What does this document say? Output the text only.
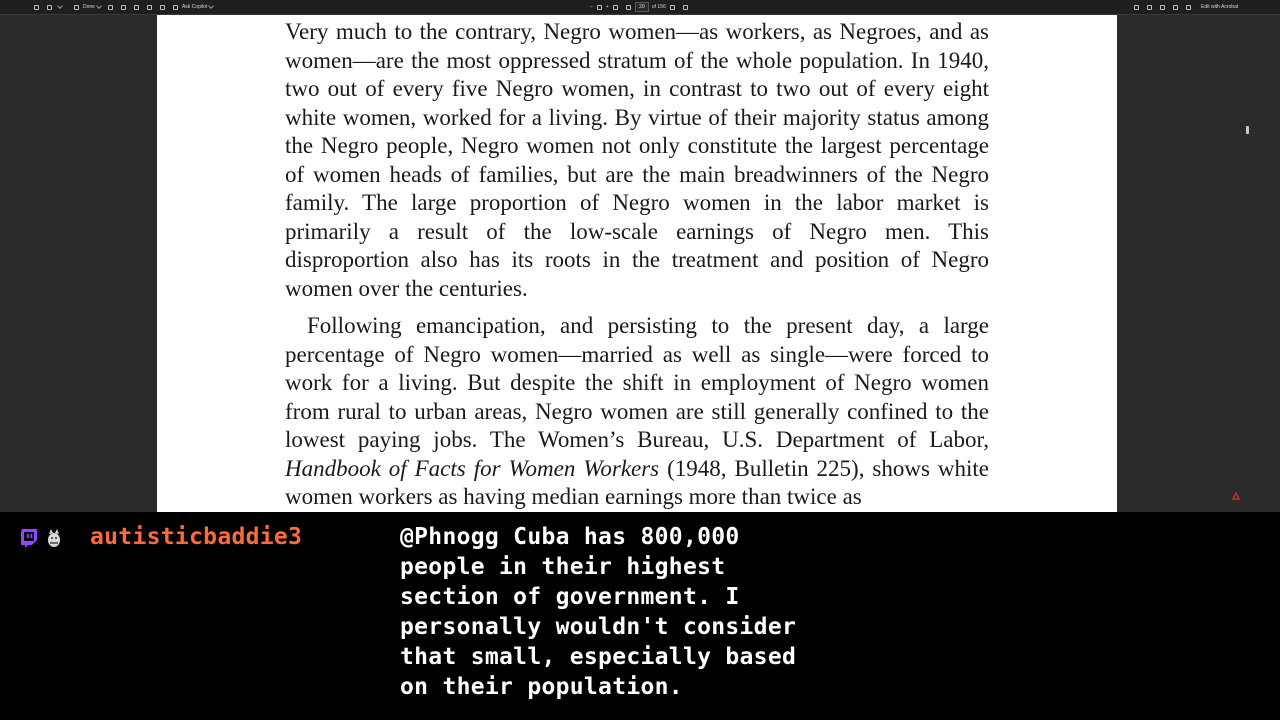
Done	Ask Copilot	−	+	20	of 156	Edit with Acrobat

Very much to the contrary, Negro women—as workers, as Negroes, and as women—are the most oppressed stratum of the whole population. In 1940, two out of every five Negro women, in contrast to two out of every eight white women, worked for a living. By virtue of their majority status among the Negro people, Negro women not only constitute the largest percentage of women heads of families, but are the main breadwinners of the Negro family. The large proportion of Negro women in the labor market is primarily a result of the low-scale earnings of Negro men. This disproportion also has its roots in the treatment and position of Negro women over the centuries.

Following emancipation, and persisting to the present day, a large percentage of Negro women—married as well as single—were forced to work for a living. But despite the shift in employment of Negro women from rural to urban areas, Negro women are still generally confined to the lowest paying jobs. The Women’s Bureau, U.S. Department of Labor, Handbook of Facts for Women Workers (1948, Bulletin 225), shows white women workers as having median earnings more than twice as

autisticbaddie3	@Phnogg Cuba has 800,000
people in their highest
section of government. I
personally wouldn't consider
that small, especially based
on their population.
